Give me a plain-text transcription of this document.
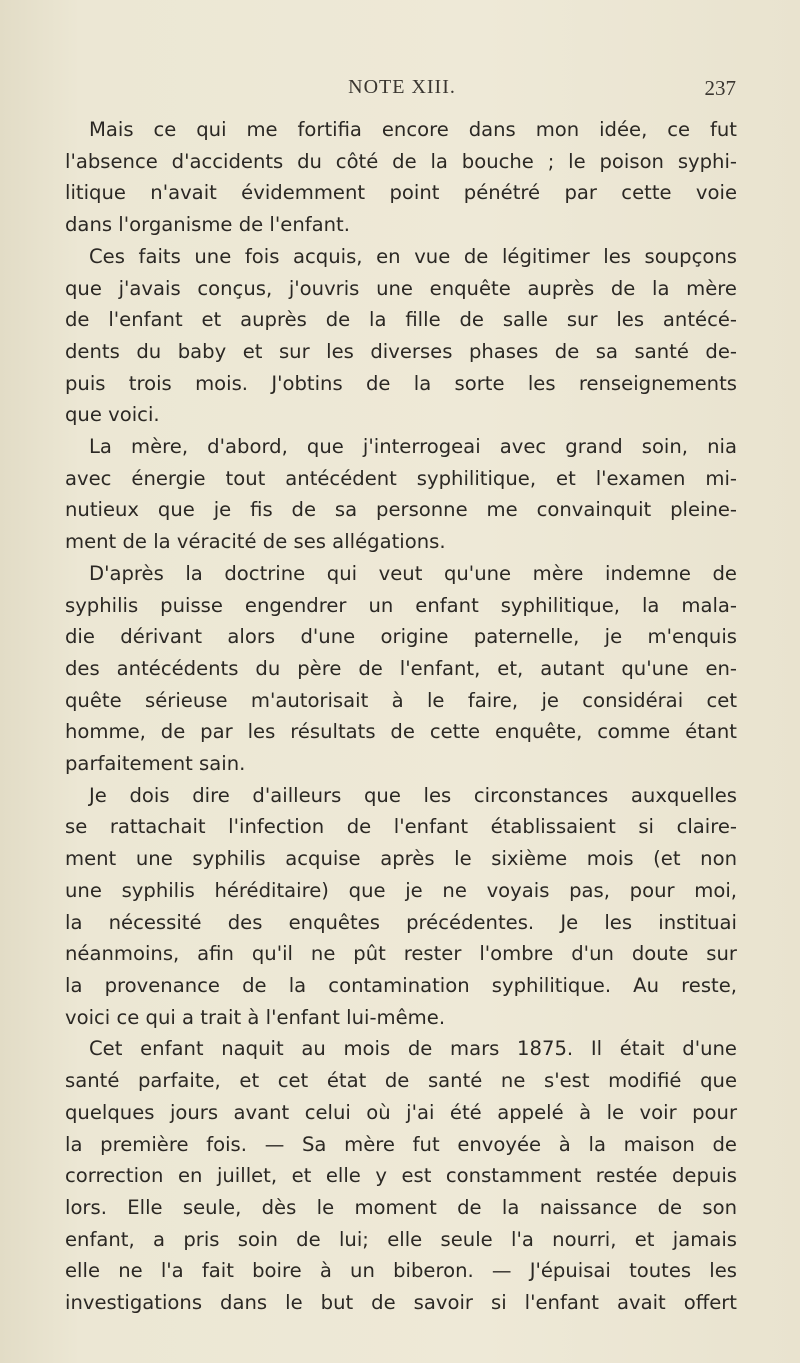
NOTE XIII.	237
Mais ce qui me fortifia encore dans mon idée, ce fut
l'absence d'accidents du côté de la bouche ; le poison syphi-
litique n'avait évidemment point pénétré par cette voie
dans l'organisme de l'enfant.
Ces faits une fois acquis, en vue de légitimer les soupçons
que j'avais conçus, j'ouvris une enquête auprès de la mère
de l'enfant et auprès de la fille de salle sur les antécé-
dents du baby et sur les diverses phases de sa santé de-
puis trois mois. J'obtins de la sorte les renseignements
que voici.
La mère, d'abord, que j'interrogeai avec grand soin, nia
avec énergie tout antécédent syphilitique, et l'examen mi-
nutieux que je fis de sa personne me convainquit pleine-
ment de la véracité de ses allégations.
D'après la doctrine qui veut qu'une mère indemne de
syphilis puisse engendrer un enfant syphilitique, la mala-
die dérivant alors d'une origine paternelle, je m'enquis
des antécédents du père de l'enfant, et, autant qu'une en-
quête sérieuse m'autorisait à le faire, je considérai cet
homme, de par les résultats de cette enquête, comme étant
parfaitement sain.
Je dois dire d'ailleurs que les circonstances auxquelles
se rattachait l'infection de l'enfant établissaient si claire-
ment une syphilis acquise après le sixième mois (et non
une syphilis héréditaire) que je ne voyais pas, pour moi,
la nécessité des enquêtes précédentes. Je les instituai
néanmoins, afin qu'il ne pût rester l'ombre d'un doute sur
la provenance de la contamination syphilitique. Au reste,
voici ce qui a trait à l'enfant lui-même.
Cet enfant naquit au mois de mars 1875. Il était d'une
santé parfaite, et cet état de santé ne s'est modifié que
quelques jours avant celui où j'ai été appelé à le voir pour
la première fois. — Sa mère fut envoyée à la maison de
correction en juillet, et elle y est constamment restée depuis
lors. Elle seule, dès le moment de la naissance de son
enfant, a pris soin de lui; elle seule l'a nourri, et jamais
elle ne l'a fait boire à un biberon. — J'épuisai toutes les
investigations dans le but de savoir si l'enfant avait offert
